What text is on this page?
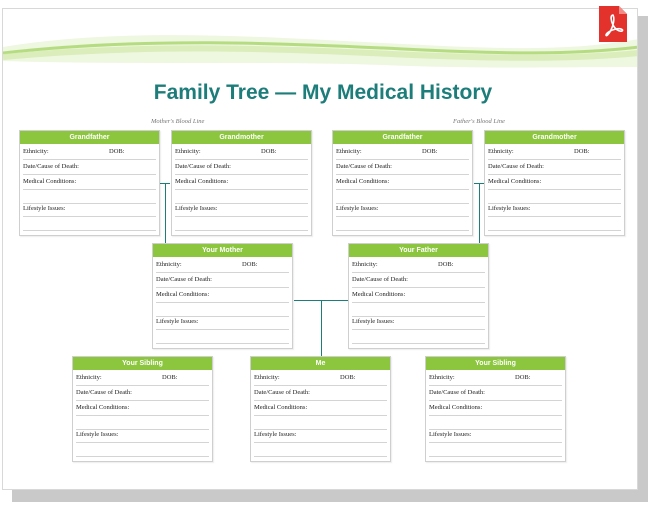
Family Tree — My Medical History
Mother's Blood Line	Father's Blood Line
Grandfather
Ethnicity:	DOB:
Date/Cause of Death:
Medical Conditions:
Lifestyle Issues:
Grandmother
Ethnicity:	DOB:
Date/Cause of Death:
Medical Conditions:
Lifestyle Issues:
Grandfather
Ethnicity:	DOB:
Date/Cause of Death:
Medical Conditions:
Lifestyle Issues:
Grandmother
Ethnicity:	DOB:
Date/Cause of Death:
Medical Conditions:
Lifestyle Issues:
Your Mother
Ethnicity:	DOB:
Date/Cause of Death:
Medical Conditions:
Lifestyle Issues:
Your Father
Ethnicity:	DOB:
Date/Cause of Death:
Medical Conditions:
Lifestyle Issues:
Your Sibling
Ethnicity:	DOB:
Date/Cause of Death:
Medical Conditions:
Lifestyle Issues:
Me
Ethnicity:	DOB:
Date/Cause of Death:
Medical Conditions:
Lifestyle Issues:
Your Sibling
Ethnicity:	DOB:
Date/Cause of Death:
Medical Conditions:
Lifestyle Issues:
